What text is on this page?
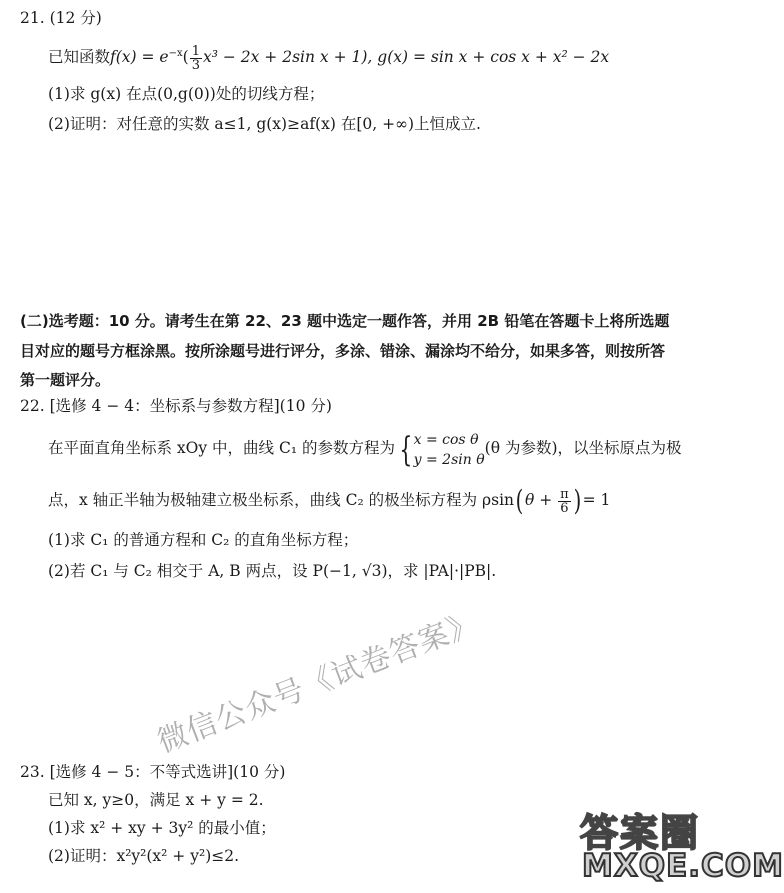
21. (12 分)
已知函数$f(x) = e^{-x}( \frac{1}{3} x^3 - 2x + 2\sin$ x + 1), g(x) = sin x + cos x + x² − 2x
(1)求 g(x) 在点(0,g(0))处的切线方程；
(2)证明：对任意的实数 a≤1, g(x)≥af(x) 在[0, +∞)上恒成立.
(二)选考题：10 分。请考生在第 22、23 题中选定一题作答，并用 2B 铅笔在答题卡上将所选题
目对应的题号方框涂黑。按所涂题号进行评分，多涂、错涂、漏涂均不给分，如果多答，则按所答
第一题评分。
22. [选修 4 − 4：坐标系与参数方程](10 分)
在平面直角坐标系 xOy 中，曲线 C₁ 的参数方程为 { x = cos θ
y = 2sin θ
(θ 为参数)，以坐标原点为极
点，x 轴正半轴为极轴建立极坐标系，曲线 C₂ 的极坐标方程为 ρsin( $\theta + \frac{\pi}{6}$ ) = 1
(1)求 C₁ 的普通方程和 C₂ 的直角坐标方程；
(2)若 C₁ 与 C₂ 相交于 A, B 两点，设 P(−1, √3)，求 |PA|·|PB|.
23. [选修 4 − 5：不等式选讲](10 分)
已知 x, y≥0，满足 x + y = 2.
(1)求 x² + xy + 3y² 的最小值；
(2)证明：x²y²(x² + y²)≤2.
微信公众号《试卷答案》
答案圈
MXQE.COM
